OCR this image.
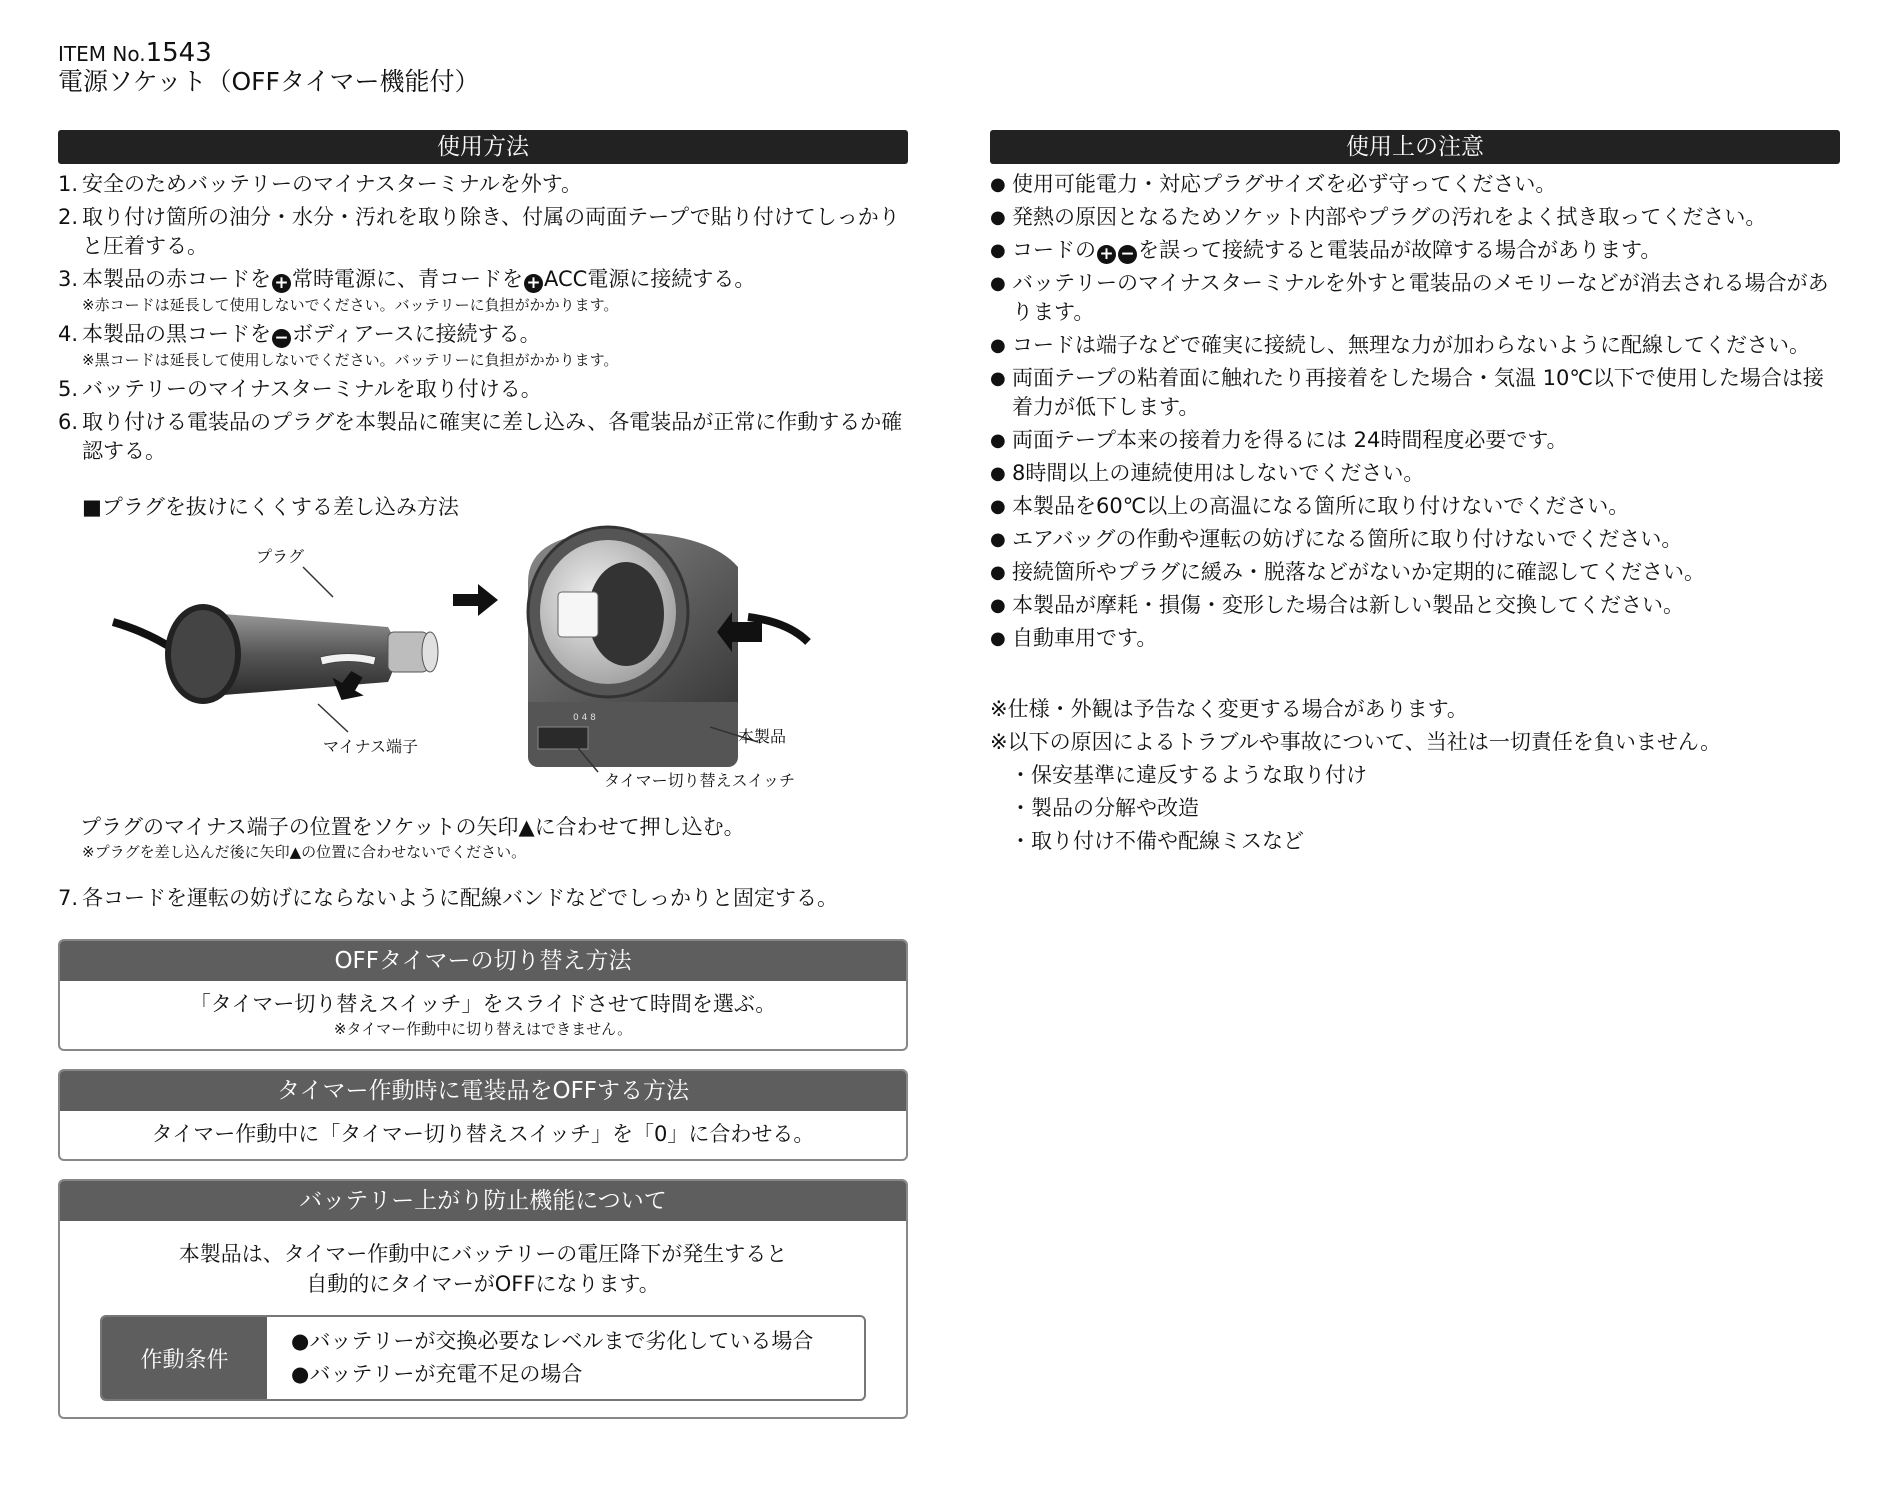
ITEM No.1543
電源ソケット（OFFタイマー機能付）
使用方法
1. 安全のためバッテリーのマイナスターミナルを外す。
2. 取り付け箇所の油分・水分・汚れを取り除き、付属の両面テープで貼り付けてしっかりと圧着する。
3. 本製品の赤コードを + 常時電源に、青コードを + ACC電源に接続する。
※赤コードは延長して使用しないでください。バッテリーに負担がかかります。
4. 本製品の黒コードを − ボディアースに接続する。
※黒コードは延長して使用しないでください。バッテリーに負担がかかります。
5. バッテリーのマイナスターミナルを取り付ける。
6. 取り付ける電装品のプラグを本製品に確実に差し込み、各電装品が正常に作動するか確認する。
■プラグを抜けにくくする差し込み方法
0 4 8
プラグ
マイナス端子
本製品
タイマー切り替えスイッチ
プラグのマイナス端子の位置をソケットの矢印▲に合わせて押し込む。
※プラグを差し込んだ後に矢印▲の位置に合わせないでください。
7. 各コードを運転の妨げにならないように配線バンドなどでしっかりと固定する。
OFFタイマーの切り替え方法
「タイマー切り替えスイッチ」をスライドさせて時間を選ぶ。
※タイマー作動中に切り替えはできません。
タイマー作動時に電装品をOFFする方法
タイマー作動中に「タイマー切り替えスイッチ」を「0」に合わせる。
バッテリー上がり防止機能について
本製品は、タイマー作動中にバッテリーの電圧降下が発生すると
自動的にタイマーがOFFになります。
作動条件
●バッテリーが交換必要なレベルまで劣化している場合
●バッテリーが充電不足の場合
使用上の注意
● 使用可能電力・対応プラグサイズを必ず守ってください。
● 発熱の原因となるためソケット内部やプラグの汚れをよく拭き取ってください。
● コードの + − を誤って接続すると電装品が故障する場合があります。
● バッテリーのマイナスターミナルを外すと電装品のメモリーなどが消去される場合があります。
● コードは端子などで確実に接続し、無理な力が加わらないように配線してください。
● 両面テープの粘着面に触れたり再接着をした場合・気温 10℃以下で使用した場合は接着力が低下します。
● 両面テープ本来の接着力を得るには 24時間程度必要です。
● 8時間以上の連続使用はしないでください。
● 本製品を60℃以上の高温になる箇所に取り付けないでください。
● エアバッグの作動や運転の妨げになる箇所に取り付けないでください。
● 接続箇所やプラグに緩み・脱落などがないか定期的に確認してください。
● 本製品が摩耗・損傷・変形した場合は新しい製品と交換してください。
● 自動車用です。
※仕様・外観は予告なく変更する場合があります。
※以下の原因によるトラブルや事故について、当社は一切責任を負いません。
・保安基準に違反するような取り付け
・製品の分解や改造
・取り付け不備や配線ミスなど
